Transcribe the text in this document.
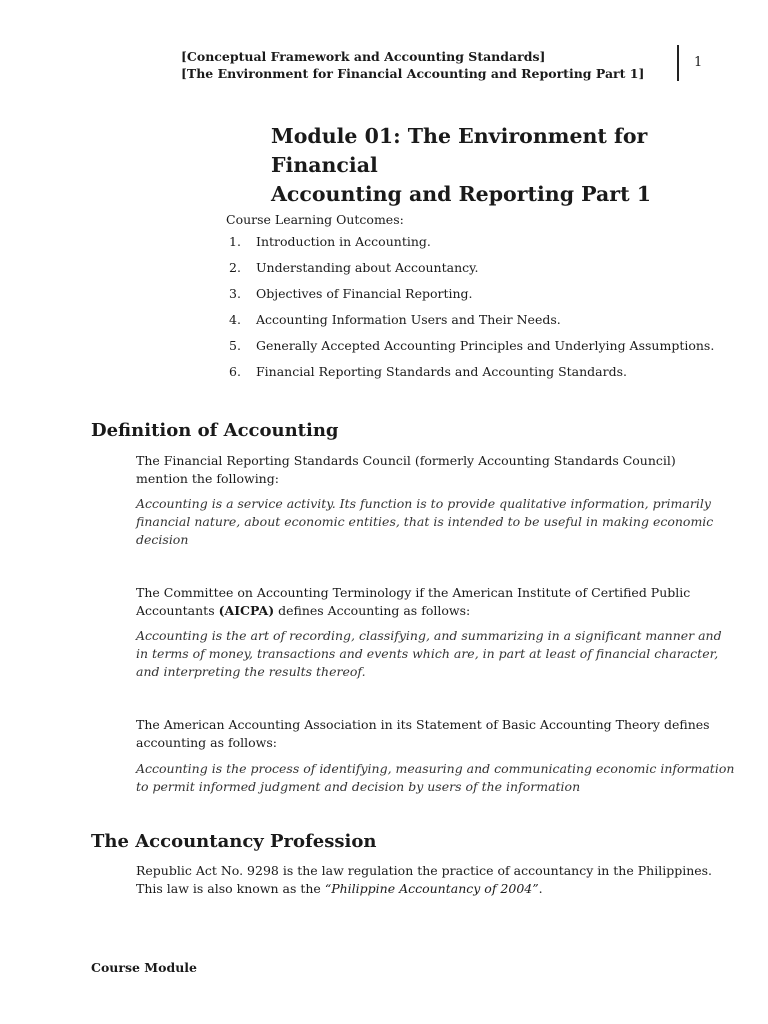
[Conceptual Framework and Accounting Standards]
[The Environment for Financial Accounting and Reporting Part 1]
1
Module 01: The Environment for Financial
Accounting and Reporting Part 1
Course Learning Outcomes:
1. Introduction in Accounting.
2. Understanding about Accountancy.
3. Objectives of Financial Reporting.
4. Accounting Information Users and Their Needs.
5. Generally Accepted Accounting Principles and Underlying Assumptions.
6. Financial Reporting Standards and Accounting Standards.
Definition of Accounting
The Financial Reporting Standards Council (formerly Accounting Standards Council) mention the following:
Accounting is a service activity. Its function is to provide qualitative information, primarily financial nature, about economic entities, that is intended to be useful in making economic decision
The Committee on Accounting Terminology if the American Institute of Certified Public Accountants (AICPA) defines Accounting as follows:
Accounting is the art of recording, classifying, and summarizing in a significant manner and in terms of money, transactions and events which are, in part at least of financial character, and interpreting the results thereof.
The American Accounting Association in its Statement of Basic Accounting Theory defines accounting as follows:
Accounting is the process of identifying, measuring and communicating economic information to permit informed judgment and decision by users of the information
The Accountancy Profession
Republic Act No. 9298 is the law regulation the practice of accountancy in the Philippines. This law is also known as the “Philippine Accountancy of 2004”.
Course Module
